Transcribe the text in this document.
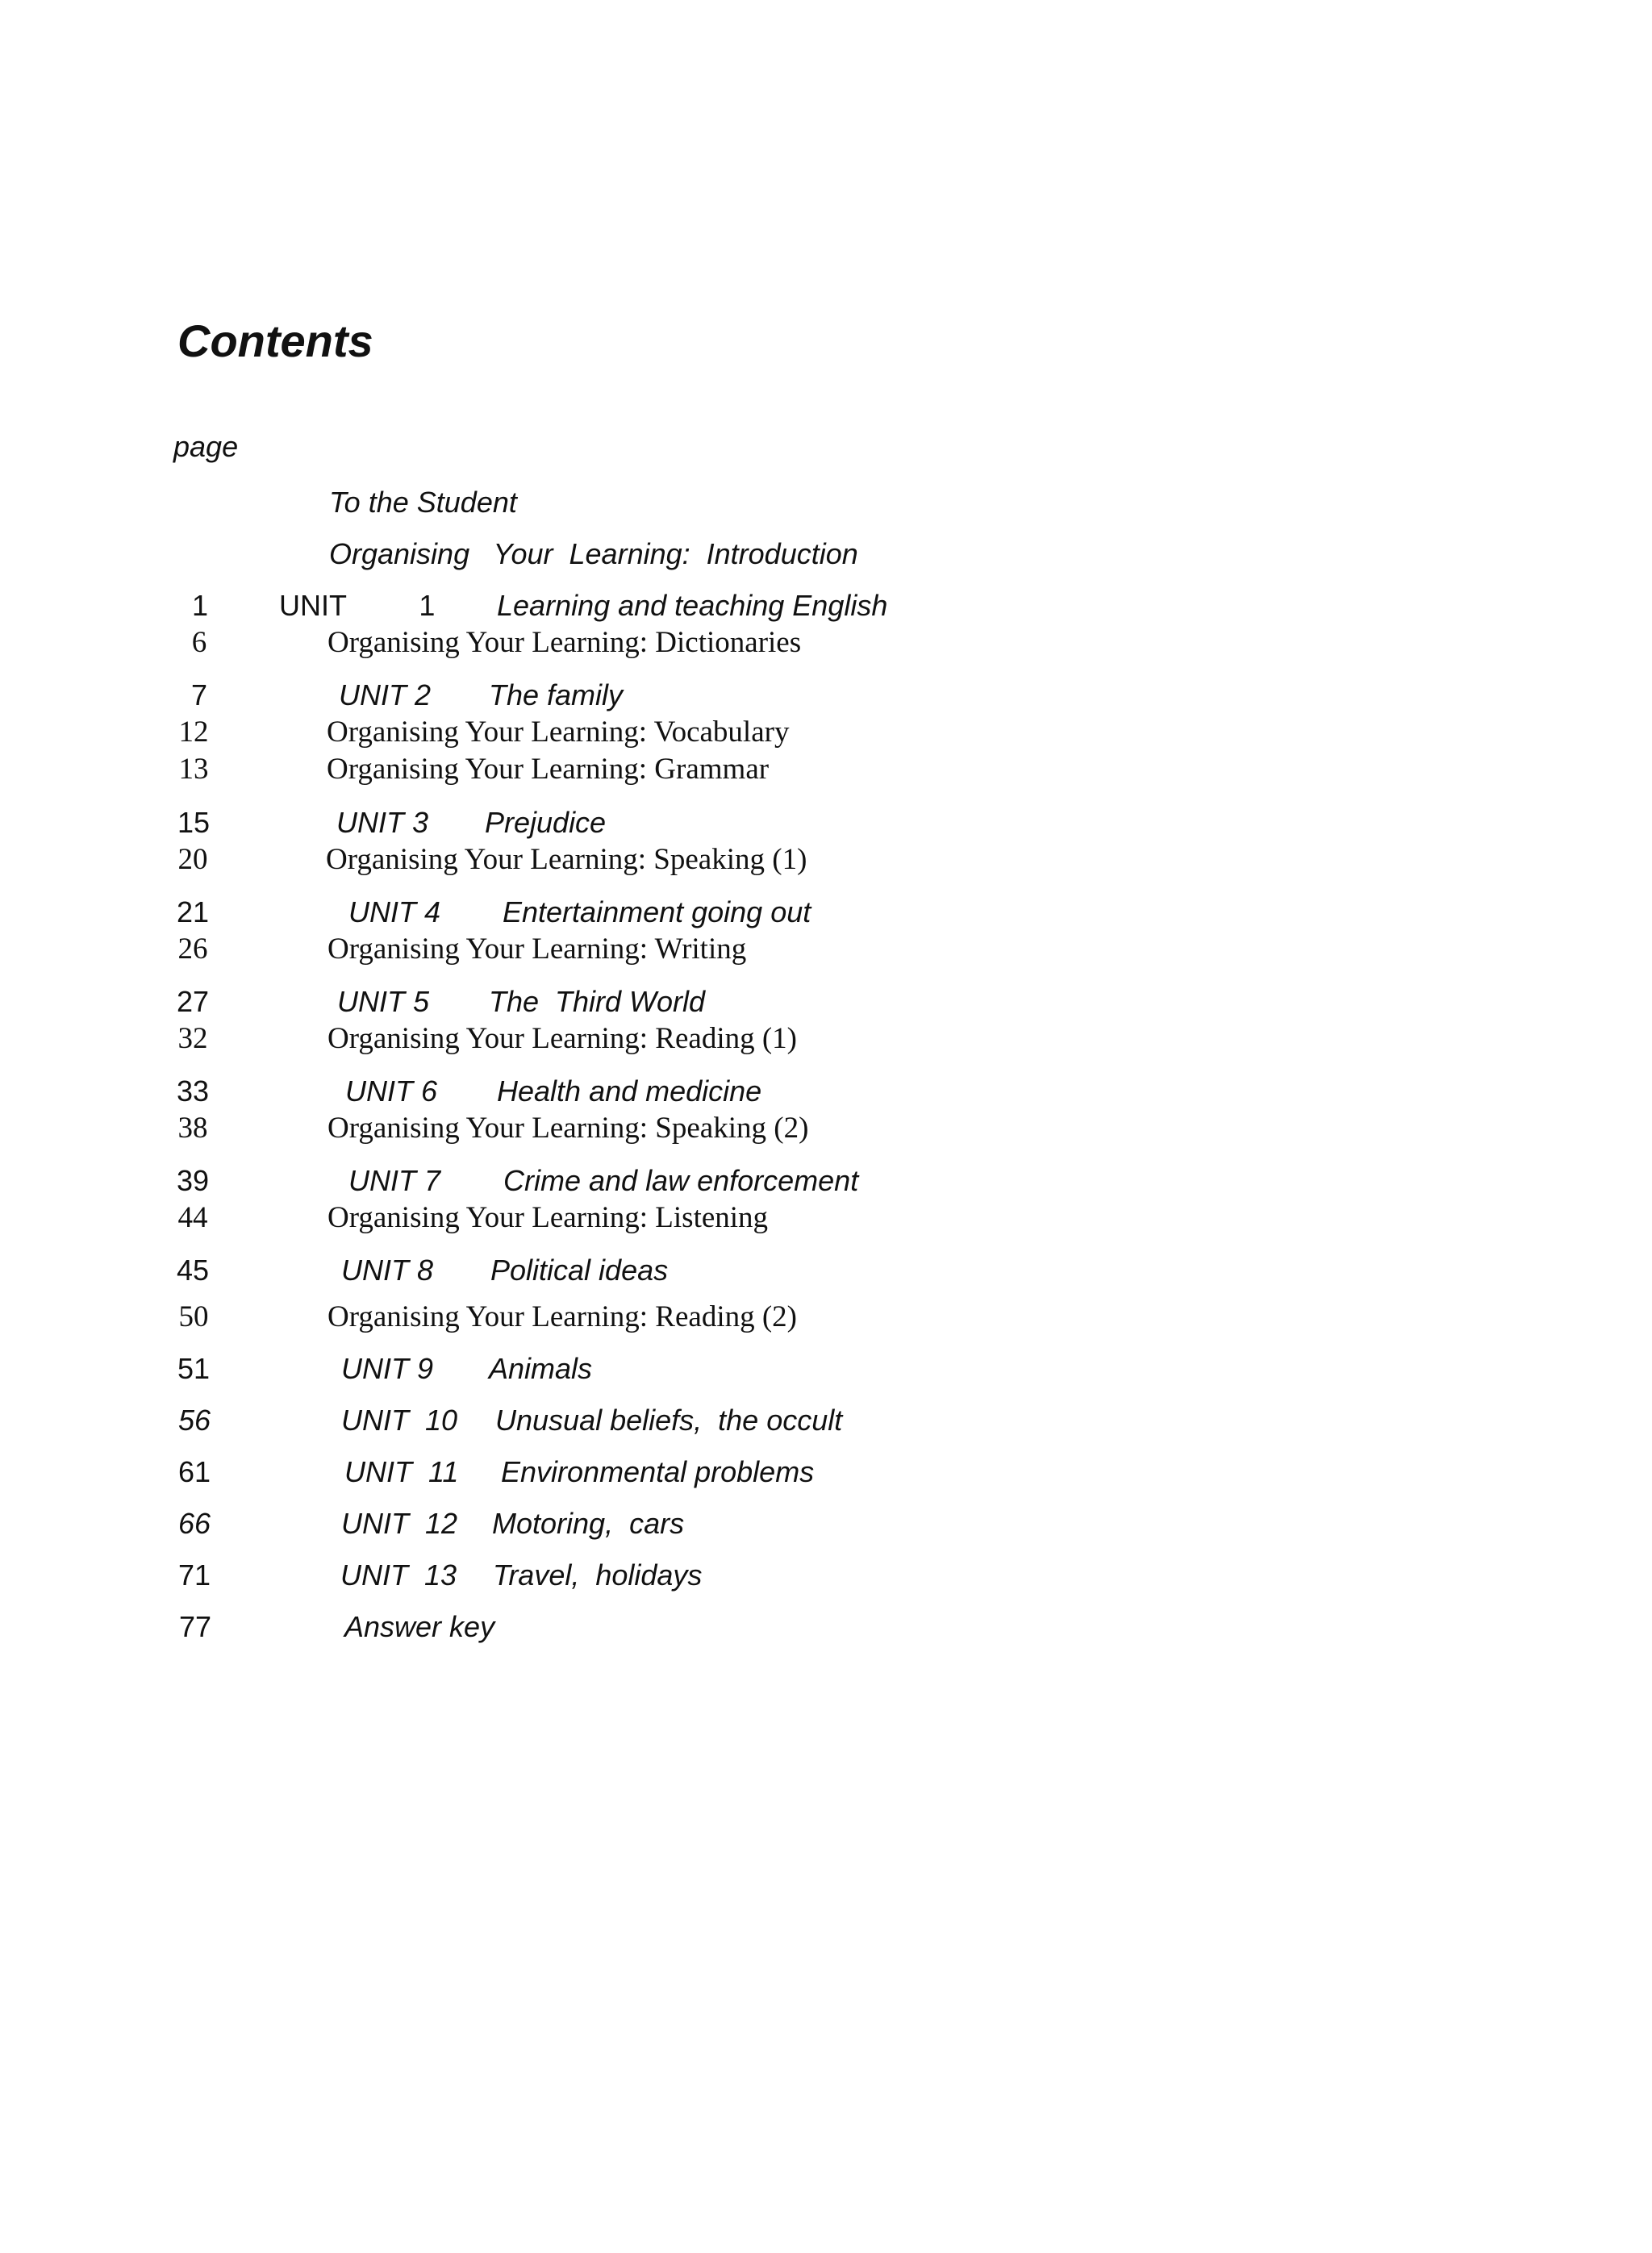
Contents
page
To the Student
Organising   Your  Learning:  Introduction
1	UNIT         1 Learning and teaching English
6	Organising Your Learning: Dictionaries
7	UNIT 2 The family
12	Organising Your Learning: Vocabulary
13	Organising Your Learning: Grammar
15	UNIT 3 Prejudice
20	Organising Your Learning: Speaking (1)
21	UNIT 4 Entertainment going out
26	Organising Your Learning: Writing
27	UNIT 5 The  Third World
32	Organising Your Learning: Reading (1)
33	UNIT 6 Health and medicine
38	Organising Your Learning: Speaking (2)
39	UNIT 7 Crime and law enforcement
44	Organising Your Learning: Listening
45	UNIT 8 Political ideas
50	Organising Your Learning: Reading (2)
51	UNIT 9 Animals
56	UNIT  10 Unusual beliefs,  the occult
61	UNIT  11 Environmental problems
66	UNIT  12 Motoring,  cars
71	UNIT  13 Travel,  holidays
77	Answer key
